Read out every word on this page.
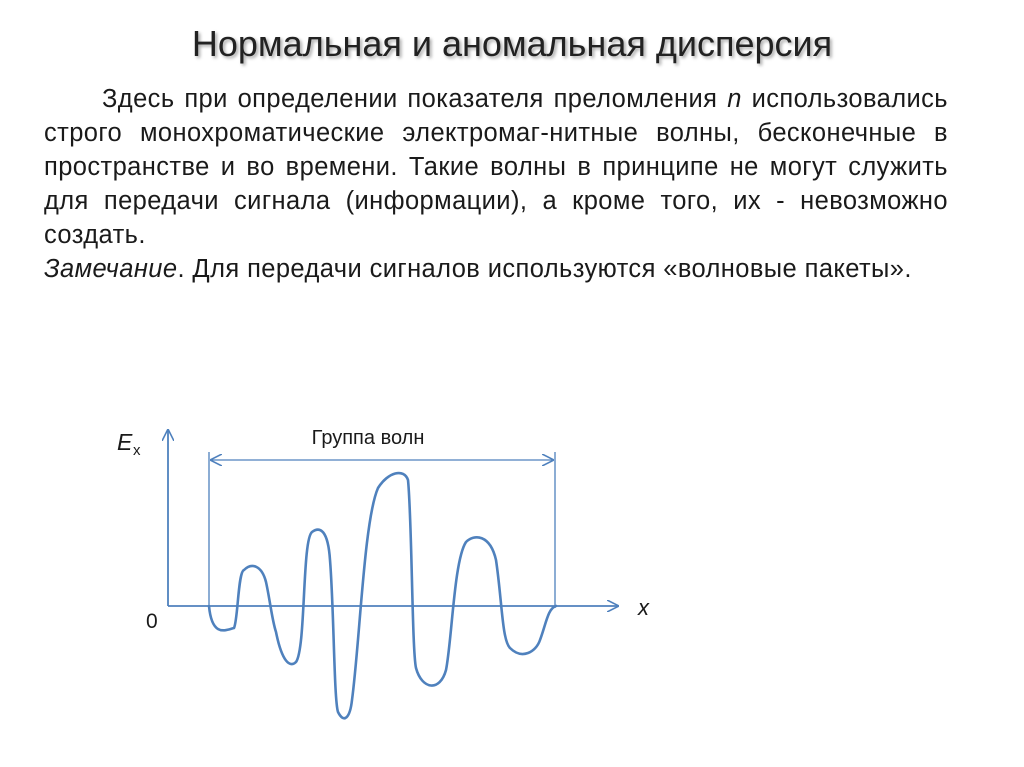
Нормальная и аномальная дисперсия

Здесь при определении показателя преломления n использовались строго монохроматические электромаг-нитные волны, бесконечные в пространстве и во времени. Такие волны в принципе не могут служить для передачи сигнала (информации), а кроме того, их - невозможно создать.

Замечание. Для передачи сигналов используются «волновые пакеты».

E x
x
0
Группа волн
